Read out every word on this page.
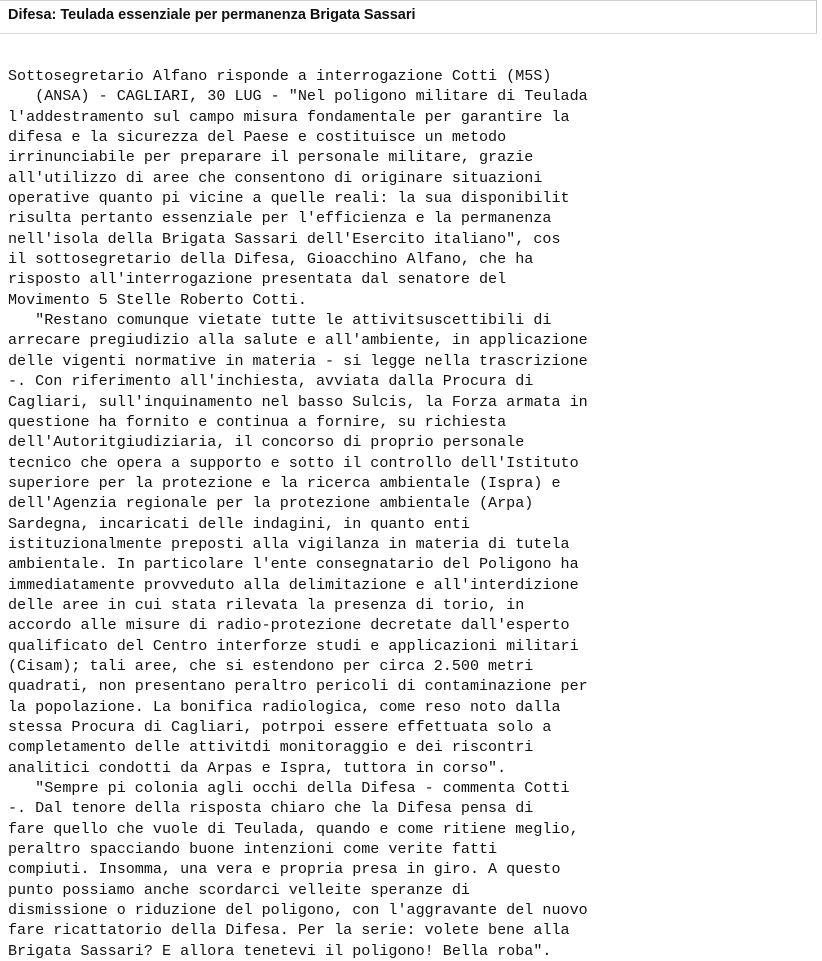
Difesa: Teulada essenziale per permanenza Brigata Sassari
Sottosegretario Alfano risponde a interrogazione Cotti (M5S)
(ANSA) - CAGLIARI, 30 LUG - "Nel poligono militare di Teulada
l'addestramento sul campo misura fondamentale per garantire la
difesa e la sicurezza del Paese e costituisce un metodo
irrinunciabile per preparare il personale militare, grazie
all'utilizzo di aree che consentono di originare situazioni
operative quanto pi vicine a quelle reali: la sua disponibilit
risulta pertanto essenziale per l'efficienza e la permanenza
nell'isola della Brigata Sassari dell'Esercito italiano", cos
il sottosegretario della Difesa, Gioacchino Alfano, che ha
risposto all'interrogazione presentata dal senatore del
Movimento 5 Stelle Roberto Cotti.
"Restano comunque vietate tutte le attivitsuscettibili di
arrecare pregiudizio alla salute e all'ambiente, in applicazione
delle vigenti normative in materia - si legge nella trascrizione
-. Con riferimento all'inchiesta, avviata dalla Procura di
Cagliari, sull'inquinamento nel basso Sulcis, la Forza armata in
questione ha fornito e continua a fornire, su richiesta
dell'Autoritgiudiziaria, il concorso di proprio personale
tecnico che opera a supporto e sotto il controllo dell'Istituto
superiore per la protezione e la ricerca ambientale (Ispra) e
dell'Agenzia regionale per la protezione ambientale (Arpa)
Sardegna, incaricati delle indagini, in quanto enti
istituzionalmente preposti alla vigilanza in materia di tutela
ambientale. In particolare l'ente consegnatario del Poligono ha
immediatamente provveduto alla delimitazione e all'interdizione
delle aree in cui stata rilevata la presenza di torio, in
accordo alle misure di radio-protezione decretate dall'esperto
qualificato del Centro interforze studi e applicazioni militari
(Cisam); tali aree, che si estendono per circa 2.500 metri
quadrati, non presentano peraltro pericoli di contaminazione per
la popolazione. La bonifica radiologica, come reso noto dalla
stessa Procura di Cagliari, potrpoi essere effettuata solo a
completamento delle attivitdi monitoraggio e dei riscontri
analitici condotti da Arpas e Ispra, tuttora in corso".
"Sempre pi colonia agli occhi della Difesa - commenta Cotti
-. Dal tenore della risposta chiaro che la Difesa pensa di
fare quello che vuole di Teulada, quando e come ritiene meglio,
peraltro spacciando buone intenzioni come verite fatti
compiuti. Insomma, una vera e propria presa in giro. A questo
punto possiamo anche scordarci velleite speranze di
dismissione o riduzione del poligono, con l'aggravante del nuovo
fare ricattatorio della Difesa. Per la serie: volete bene alla
Brigata Sassari? E allora tenetevi il poligono! Bella roba".
